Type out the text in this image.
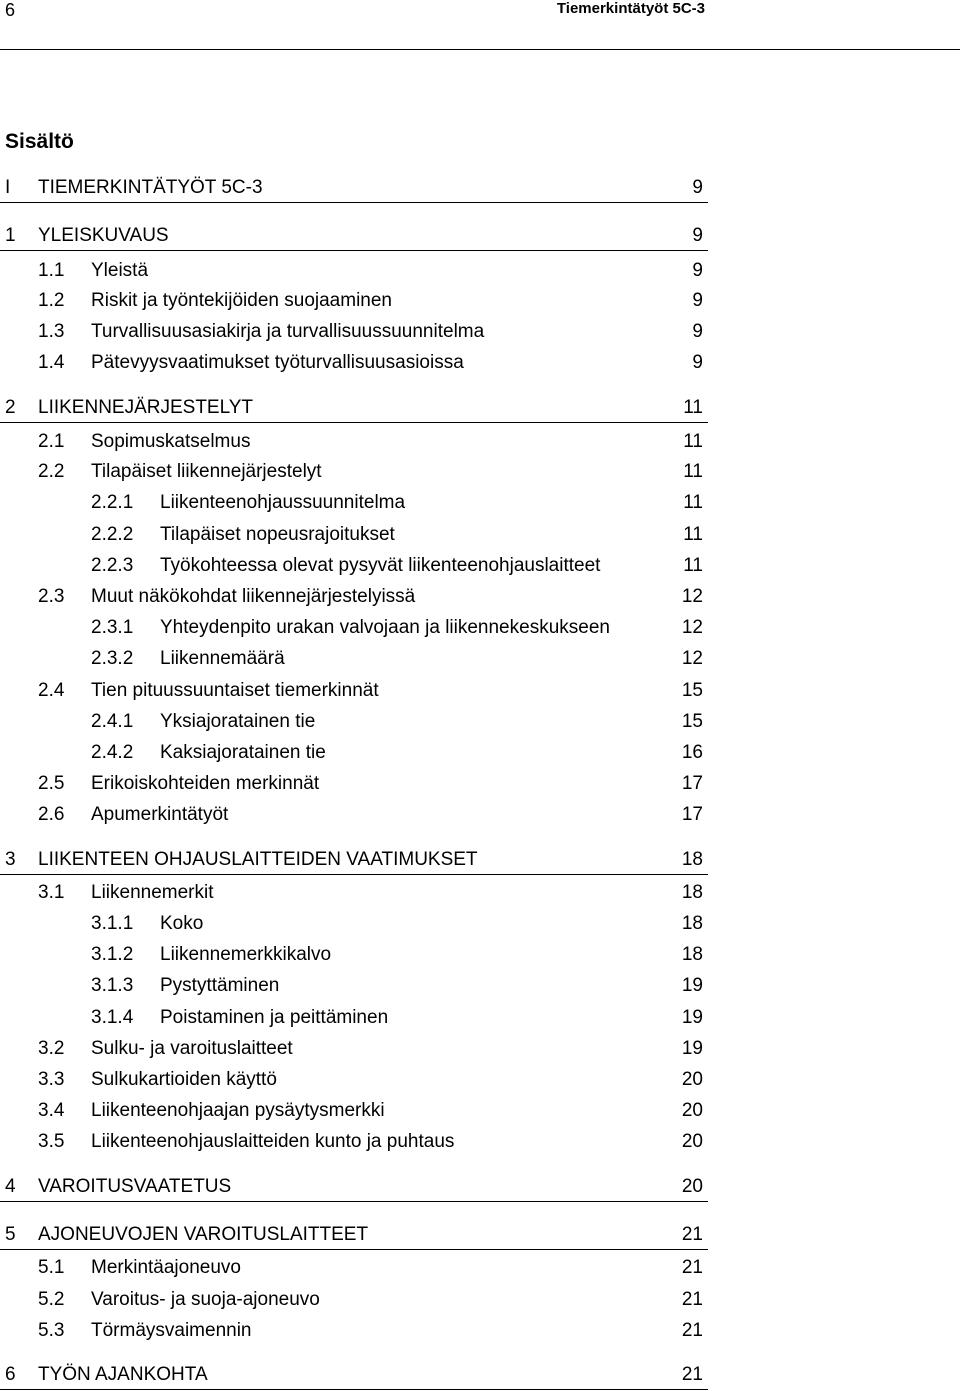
6	Tiemerkintätyöt 5C-3
Sisältö
I TIEMERKINTÄTYÖT 5C-3	9
1 YLEISKUVAUS	9
1.1 Yleistä	9
1.2 Riskit ja työntekijöiden suojaaminen	9
1.3 Turvallisuusasiakirja ja turvallisuussuunnitelma	9
1.4 Pätevyysvaatimukset työturvallisuusasioissa	9
2 LIIKENNEJÄRJESTELYT	11
2.1 Sopimuskatselmus	11
2.2 Tilapäiset liikennejärjestelyt	11
2.2.1 Liikenteenohjaussuunnitelma	11
2.2.2 Tilapäiset nopeusrajoitukset	11
2.2.3 Työkohteessa olevat pysyvät liikenteenohjauslaitteet	11
2.3 Muut näkökohdat liikennejärjestelyissä	12
2.3.1 Yhteydenpito urakan valvojaan ja liikennekeskukseen	12
2.3.2 Liikennemäärä	12
2.4 Tien pituussuuntaiset tiemerkinnät	15
2.4.1 Yksiajoratainen tie	15
2.4.2 Kaksiajoratainen tie	16
2.5 Erikoiskohteiden merkinnät	17
2.6 Apumerkintätyöt	17
3 LIIKENTEEN OHJAUSLAITTEIDEN VAATIMUKSET	18
3.1 Liikennemerkit	18
3.1.1 Koko	18
3.1.2 Liikennemerkkikalvo	18
3.1.3 Pystyttäminen	19
3.1.4 Poistaminen ja peittäminen	19
3.2 Sulku- ja varoituslaitteet	19
3.3 Sulkukartioiden käyttö	20
3.4 Liikenteenohjaajan pysäytysmerkki	20
3.5 Liikenteenohjauslaitteiden kunto ja puhtaus	20
4 VAROITUSVAATETUS	20
5 AJONEUVOJEN VAROITUSLAITTEET	21
5.1 Merkintäajoneuvo	21
5.2 Varoitus- ja suoja-ajoneuvo	21
5.3 Törmäysvaimennin	21
6 TYÖN AJANKOHTA	21
